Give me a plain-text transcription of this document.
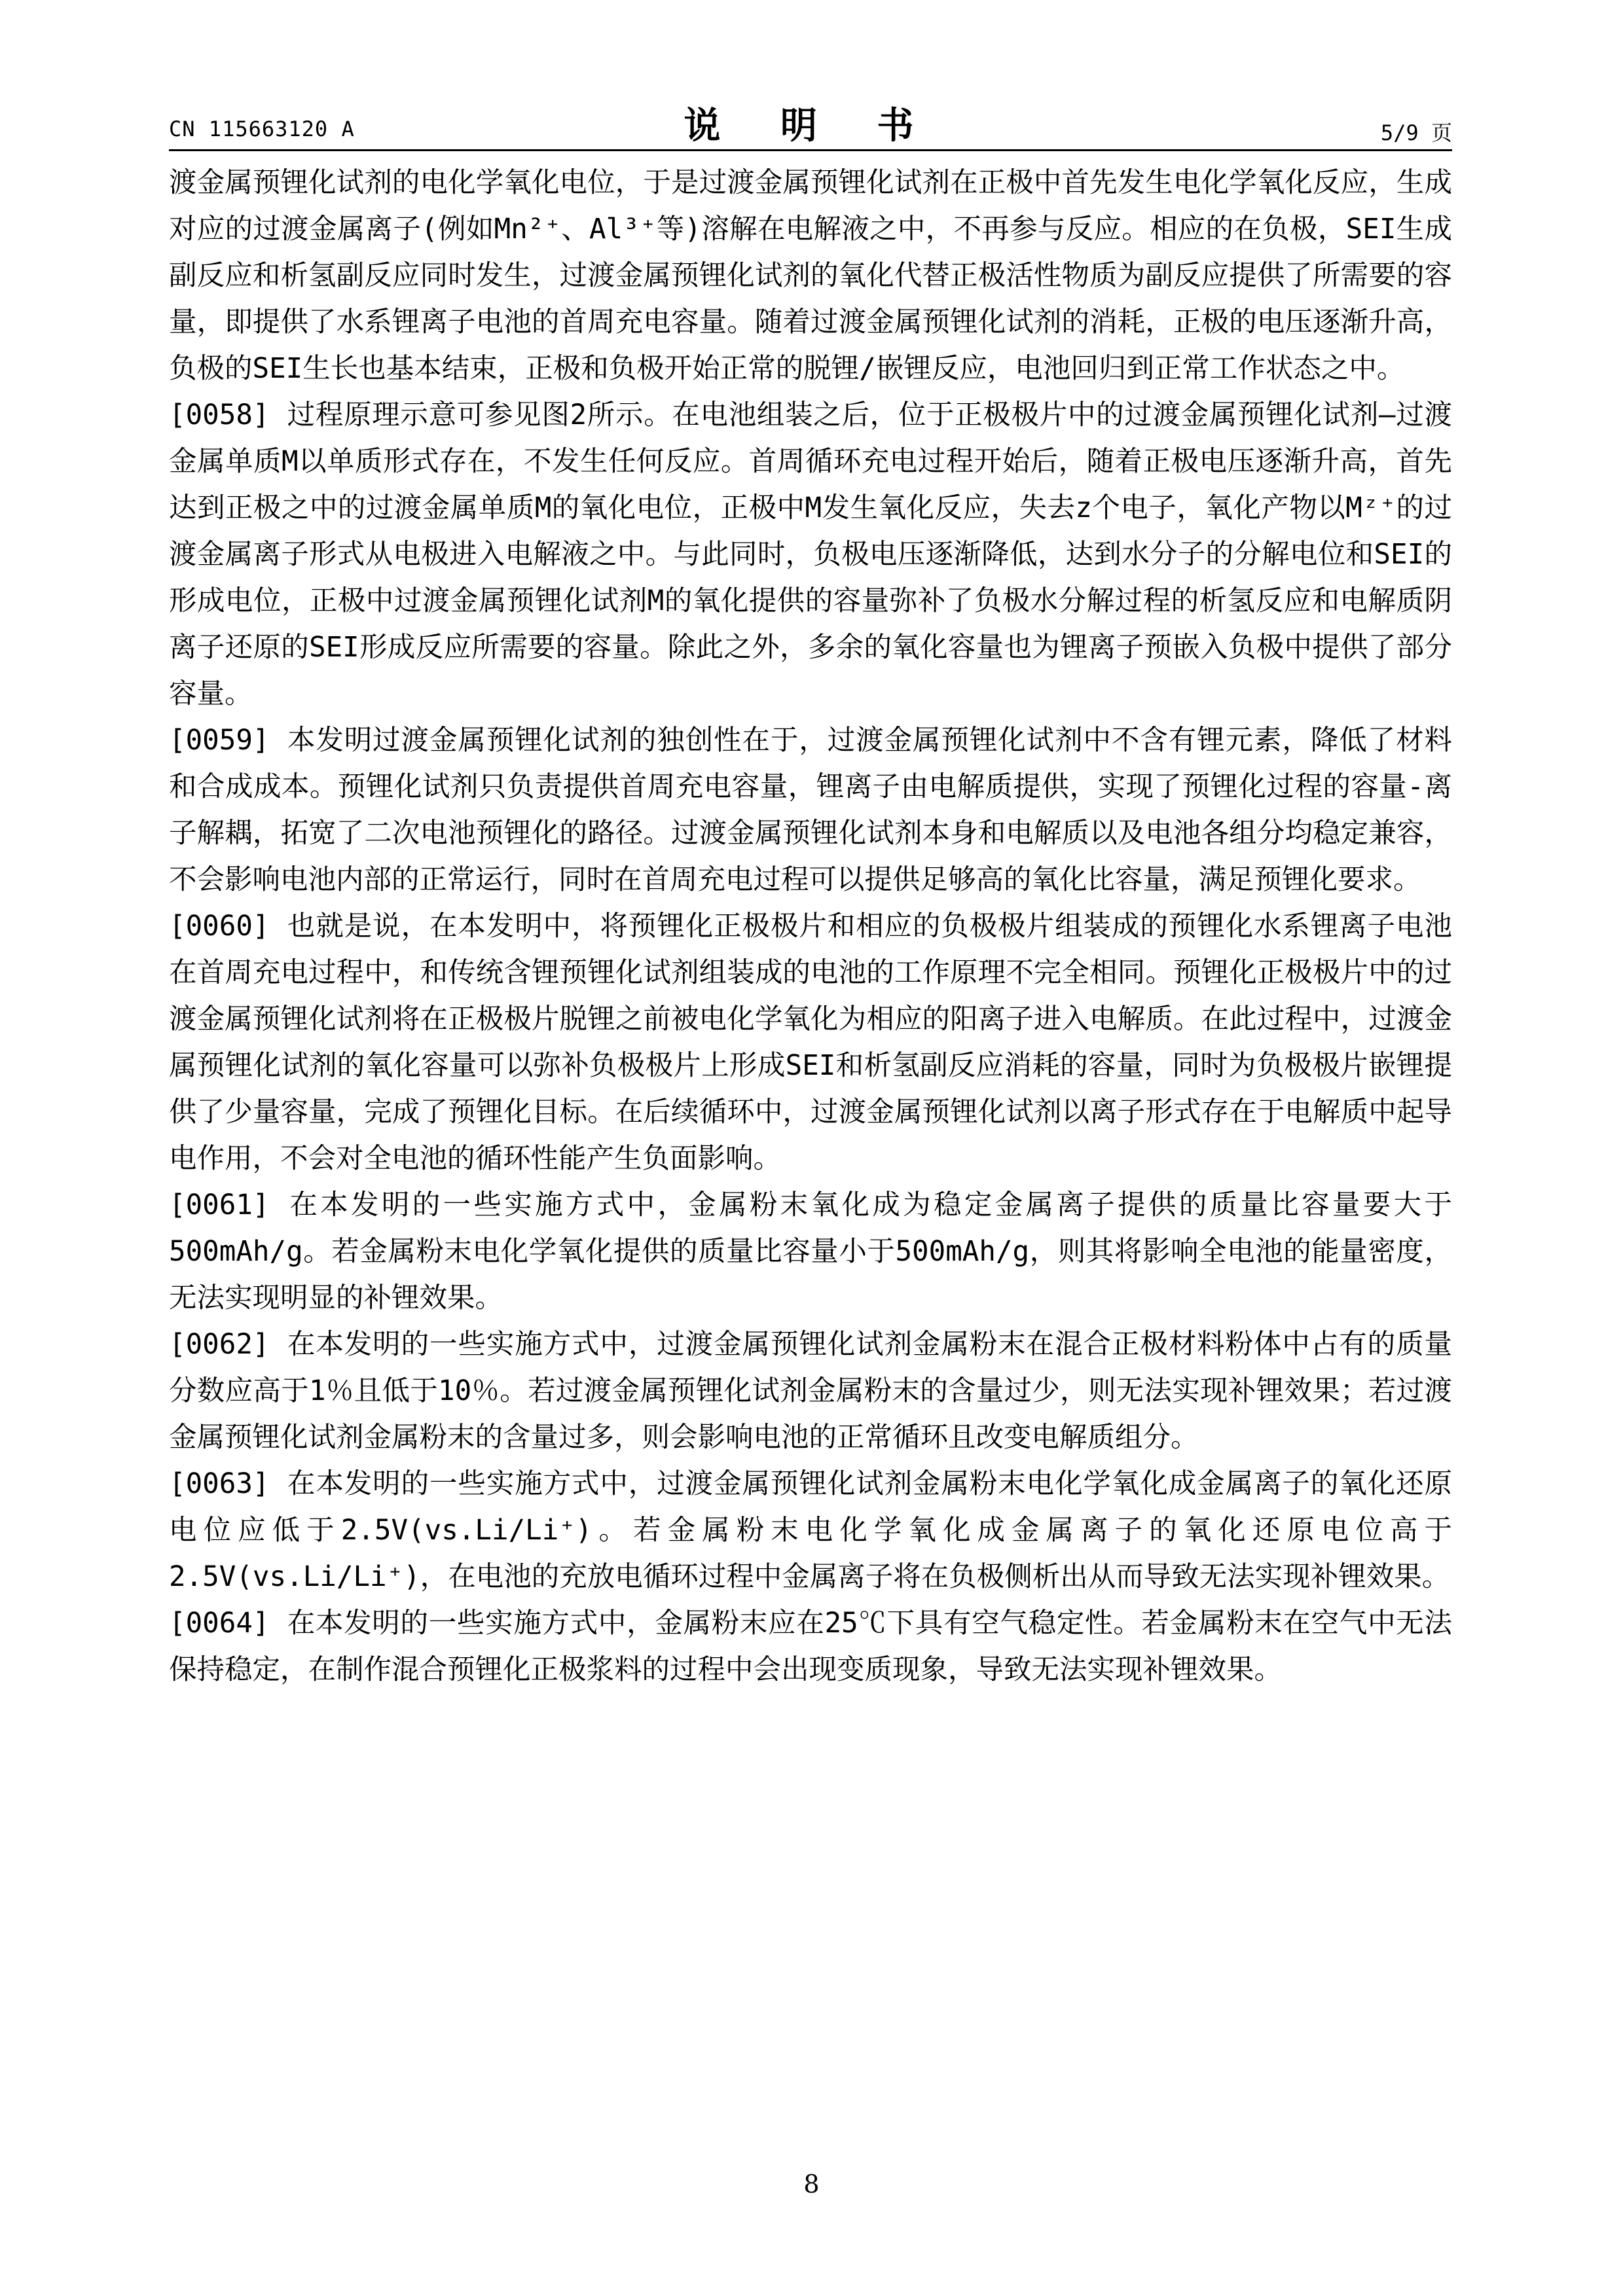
CN 115663120 A	说 明 书	5/9 页

渡金属预锂化试剂的电化学氧化电位，于是过渡金属预锂化试剂在正极中首先发生电化学氧化反应，生成对应的过渡金属离子(例如Mn²⁺、Al³⁺等)溶解在电解液之中，不再参与反应。相应的在负极，SEI生成副反应和析氢副反应同时发生，过渡金属预锂化试剂的氧化代替正极活性物质为副反应提供了所需要的容量，即提供了水系锂离子电池的首周充电容量。随着过渡金属预锂化试剂的消耗，正极的电压逐渐升高，负极的SEI生长也基本结束，正极和负极开始正常的脱锂/嵌锂反应，电池回归到正常工作状态之中。

[0058] 过程原理示意可参见图2所示。在电池组装之后，位于正极极片中的过渡金属预锂化试剂—过渡金属单质M以单质形式存在，不发生任何反应。首周循环充电过程开始后，随着正极电压逐渐升高，首先达到正极之中的过渡金属单质M的氧化电位，正极中M发生氧化反应，失去z个电子，氧化产物以Mᶻ⁺的过渡金属离子形式从电极进入电解液之中。与此同时，负极电压逐渐降低，达到水分子的分解电位和SEI的形成电位，正极中过渡金属预锂化试剂M的氧化提供的容量弥补了负极水分解过程的析氢反应和电解质阴离子还原的SEI形成反应所需要的容量。除此之外，多余的氧化容量也为锂离子预嵌入负极中提供了部分容量。

[0059] 本发明过渡金属预锂化试剂的独创性在于，过渡金属预锂化试剂中不含有锂元素，降低了材料和合成成本。预锂化试剂只负责提供首周充电容量，锂离子由电解质提供，实现了预锂化过程的容量-离子解耦，拓宽了二次电池预锂化的路径。过渡金属预锂化试剂本身和电解质以及电池各组分均稳定兼容，不会影响电池内部的正常运行，同时在首周充电过程可以提供足够高的氧化比容量，满足预锂化要求。

[0060] 也就是说，在本发明中，将预锂化正极极片和相应的负极极片组装成的预锂化水系锂离子电池在首周充电过程中，和传统含锂预锂化试剂组装成的电池的工作原理不完全相同。预锂化正极极片中的过渡金属预锂化试剂将在正极极片脱锂之前被电化学氧化为相应的阳离子进入电解质。在此过程中，过渡金属预锂化试剂的氧化容量可以弥补负极极片上形成SEI和析氢副反应消耗的容量，同时为负极极片嵌锂提供了少量容量，完成了预锂化目标。在后续循环中，过渡金属预锂化试剂以离子形式存在于电解质中起导电作用，不会对全电池的循环性能产生负面影响。

[0061] 在本发明的一些实施方式中，金属粉末氧化成为稳定金属离子提供的质量比容量要大于500mAh/g。若金属粉末电化学氧化提供的质量比容量小于500mAh/g，则其将影响全电池的能量密度，无法实现明显的补锂效果。

[0062] 在本发明的一些实施方式中，过渡金属预锂化试剂金属粉末在混合正极材料粉体中占有的质量分数应高于1％且低于10％。若过渡金属预锂化试剂金属粉末的含量过少，则无法实现补锂效果；若过渡金属预锂化试剂金属粉末的含量过多，则会影响电池的正常循环且改变电解质组分。

[0063] 在本发明的一些实施方式中，过渡金属预锂化试剂金属粉末电化学氧化成金属离子的氧化还原电位应低于2.5V(vs.Li/Li⁺)。若金属粉末电化学氧化成金属离子的氧化还原电位高于2.5V(vs.Li/Li⁺)，在电池的充放电循环过程中金属离子将在负极侧析出从而导致无法实现补锂效果。

[0064] 在本发明的一些实施方式中，金属粉末应在25℃下具有空气稳定性。若金属粉末在空气中无法保持稳定，在制作混合预锂化正极浆料的过程中会出现变质现象，导致无法实现补锂效果。

8
